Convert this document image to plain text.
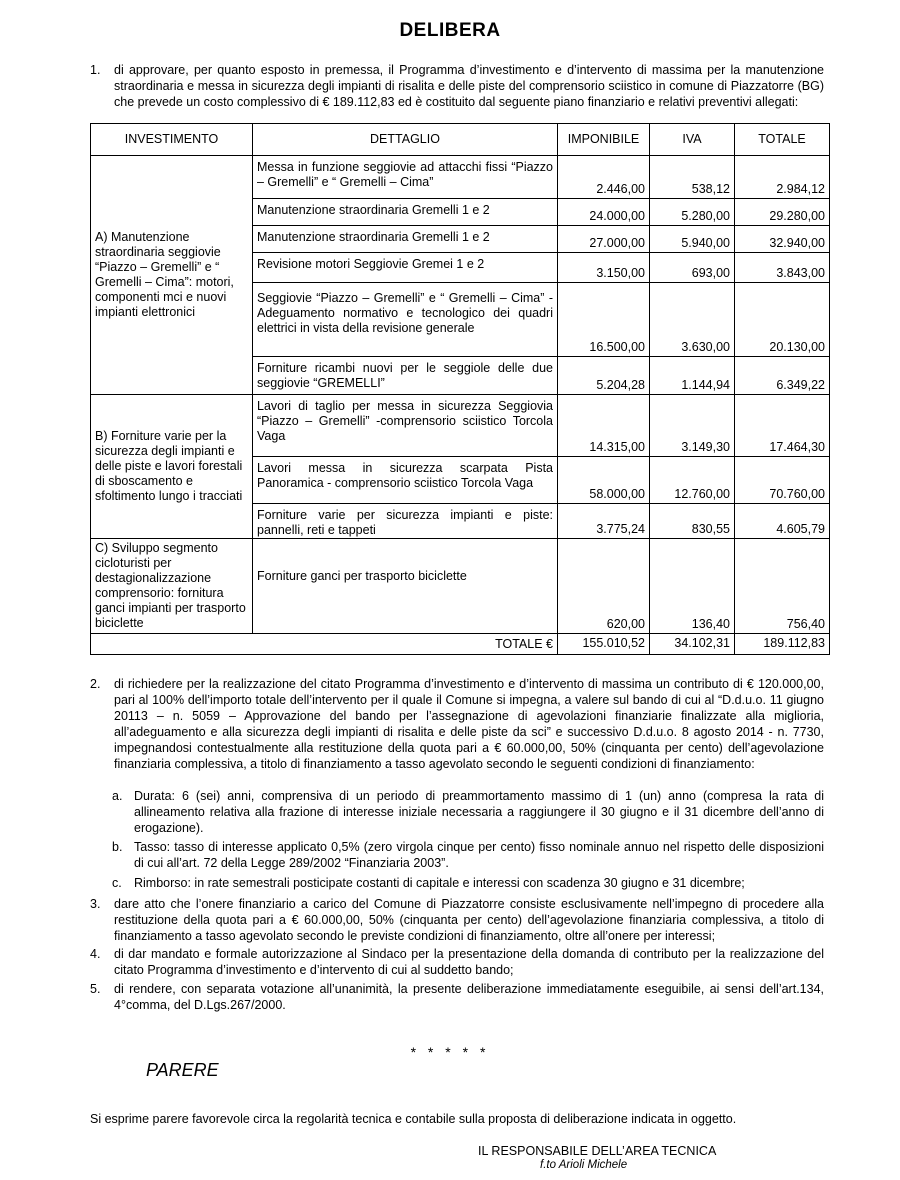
DELIBERA
1. di approvare, per quanto esposto in premessa, il Programma d’investimento e d’intervento di massima per la manutenzione straordinaria e messa in sicurezza degli impianti di risalita e delle piste del comprensorio sciistico in comune di Piazzatorre (BG) che prevede un costo complessivo di € 189.112,83 ed è costituito dal seguente piano finanziario e relativi preventivi allegati:
INVESTIMENTO	DETTAGLIO	IMPONIBILE	IVA	TOTALE
A) Manutenzione straordinaria seggiovie “Piazzo – Gremelli” e “ Gremelli – Cima”: motori, componenti mci e nuovi impianti elettronici	Messa in funzione seggiovie ad attacchi fissi “Piazzo – Gremelli” e “ Gremelli – Cima”	2.446,00	538,12	2.984,12
	Manutenzione straordinaria Gremelli 1 e 2	24.000,00	5.280,00	29.280,00
	Manutenzione straordinaria Gremelli 1 e 2	27.000,00	5.940,00	32.940,00
	Revisione motori Seggiovie Gremei 1 e 2	3.150,00	693,00	3.843,00
	Seggiovie “Piazzo – Gremelli” e “ Gremelli – Cima” - Adeguamento normativo e tecnologico dei quadri elettrici in vista della revisione generale	16.500,00	3.630,00	20.130,00
	Forniture ricambi nuovi per le seggiole delle due seggiovie “GREMELLI”	5.204,28	1.144,94	6.349,22
B) Forniture varie per la sicurezza degli impianti e delle piste e lavori forestali di sboscamento e sfoltimento lungo i tracciati	Lavori di taglio per messa in sicurezza Seggiovia “Piazzo – Gremelli” -comprensorio sciistico Torcola Vaga	14.315,00	3.149,30	17.464,30
	Lavori messa in sicurezza scarpata Pista Panoramica - comprensorio sciistico Torcola Vaga	58.000,00	12.760,00	70.760,00
	Forniture varie per sicurezza impianti e piste: pannelli, reti e tappeti	3.775,24	830,55	4.605,79
C) Sviluppo segmento cicloturisti per destagionalizzazione comprensorio: fornitura ganci impianti per trasporto biciclette	Forniture ganci per trasporto biciclette	620,00	136,40	756,40
TOTALE €		155.010,52	34.102,31	189.112,83
2. di richiedere per la realizzazione del citato Programma d’investimento e d’intervento di massima un contributo di € 120.000,00, pari al 100% dell’importo totale dell’intervento per il quale il Comune si impegna, a valere sul bando di cui al “D.d.u.o. 11 giugno 20113 – n. 5059 – Approvazione del bando per l’assegnazione di agevolazioni finanziarie finalizzate alla miglioria, all’adeguamento e alla sicurezza degli impianti di risalita e delle piste da sci” e successivo D.d.u.o. 8 agosto 2014 - n. 7730, impegnandosi contestualmente alla restituzione della quota pari a € 60.000,00, 50% (cinquanta per cento) dell’agevolazione finanziaria complessiva, a titolo di finanziamento a tasso agevolato secondo le seguenti condizioni di finanziamento:
a. Durata: 6 (sei) anni, comprensiva di un periodo di preammortamento massimo di 1 (un) anno (compresa la rata di allineamento relativa alla frazione di interesse iniziale necessaria a raggiungere il 30 giugno e il 31 dicembre dell’anno di erogazione).
b. Tasso: tasso di interesse applicato 0,5% (zero virgola cinque per cento) fisso nominale annuo nel rispetto delle disposizioni di cui all’art. 72 della Legge 289/2002 “Finanziaria 2003”.
c. Rimborso: in rate semestrali posticipate costanti di capitale e interessi con scadenza 30 giugno e 31 dicembre;
3. dare atto che l’onere finanziario a carico del Comune di Piazzatorre consiste esclusivamente nell’impegno di procedere alla restituzione della quota pari a € 60.000,00, 50% (cinquanta per cento) dell’agevolazione finanziaria complessiva, a titolo di finanziamento a tasso agevolato secondo le previste condizioni di finanziamento, oltre all’onere per interessi;
4. di dar mandato e formale autorizzazione al Sindaco per la presentazione della domanda di contributo per la realizzazione del citato Programma d’investimento e d’intervento di cui al suddetto bando;
5. di rendere, con separata votazione all’unanimità, la presente deliberazione immediatamente eseguibile, ai sensi dell’art.134, 4°comma, del D.Lgs.267/2000.
* * * * *
PARERE
Si esprime parere favorevole circa la regolarità tecnica e contabile sulla proposta di deliberazione indicata in oggetto.
IL RESPONSABILE DELL’AREA TECNICA
f.to Arioli Michele
